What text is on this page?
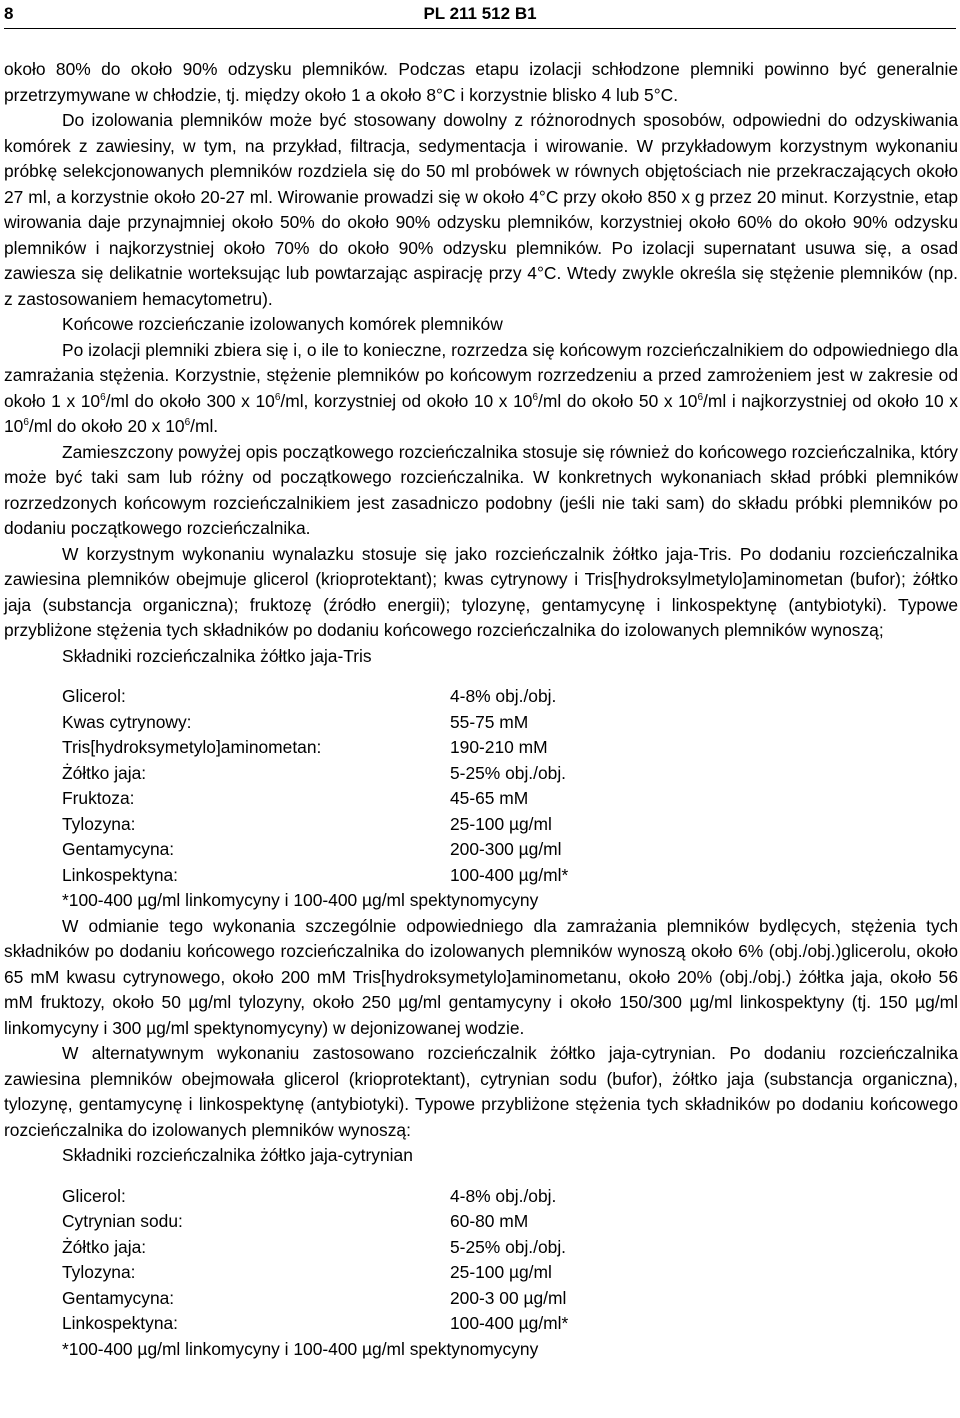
8	PL 211 512 B1

około 80% do około 90% odzysku plemników. Podczas etapu izolacji schłodzone plemniki powinno być generalnie przetrzymywane w chłodzie, tj. między około 1 a około 8°C i korzystnie blisko 4 lub 5°C.

Do izolowania plemników może być stosowany dowolny z różnorodnych sposobów, odpowiedni do odzyskiwania komórek z zawiesiny, w tym, na przykład, filtracja, sedymentacja i wirowanie. W przykładowym korzystnym wykonaniu próbkę selekcjonowanych plemników rozdziela się do 50 ml probówek w równych objętościach nie przekraczających około 27 ml, a korzystnie około 20-27 ml. Wirowanie prowadzi się w około 4°C przy około 850 x g przez 20 minut. Korzystnie, etap wirowania daje przynajmniej około 50% do około 90% odzysku plemników, korzystniej około 60% do około 90% odzysku plemników i najkorzystniej około 70% do około 90% odzysku plemników. Po izolacji supernatant usuwa się, a osad zawiesza się delikatnie worteksując lub powtarzając aspirację przy 4°C. Wtedy zwykle określa się stężenie plemników (np. z zastosowaniem hemacytometru).

Końcowe rozcieńczanie izolowanych komórek plemników

Po izolacji plemniki zbiera się i, o ile to konieczne, rozrzedza się końcowym rozcieńczalnikiem do odpowiedniego dla zamrażania stężenia. Korzystnie, stężenie plemników po końcowym rozrzedzeniu a przed zamrożeniem jest w zakresie od około 1 x $10^6/ml$ do około 300 x $10^6/ml$, korzystniej od około 10 x $10^6/ml$ do około 50 x $10^6/ml$ i najkorzystniej od około 10 x $10^6/ml$ do około 20 x $10^6/ml$.

Zamieszczony powyżej opis początkowego rozcieńczalnika stosuje się również do końcowego rozcieńczalnika, który może być taki sam lub różny od początkowego rozcieńczalnika. W konkretnych wykonaniach skład próbki plemników rozrzedzonych końcowym rozcieńczalnikiem jest zasadniczo podobny (jeśli nie taki sam) do składu próbki plemników po dodaniu początkowego rozcieńczalnika.

W korzystnym wykonaniu wynalazku stosuje się jako rozcieńczalnik żółtko jaja-Tris. Po dodaniu rozcieńczalnika zawiesina plemników obejmuje glicerol (krioprotektant); kwas cytrynowy i Tris[hydroksylmetylo]aminometan (bufor); żółtko jaja (substancja organiczna); fruktozę (źródło energii); tylozynę, gentamycynę i linkospektynę (antybiotyki). Typowe przybliżone stężenia tych składników po dodaniu końcowego rozcieńczalnika do izolowanych plemników wynoszą;

Składniki rozcieńczalnika żółtko jaja-Tris
Glicerol:	4-8% obj./obj.
Kwas cytrynowy:	55-75 mM
Tris[hydroksymetylo]aminometan:	190-210 mM
Żółtko jaja:	5-25% obj./obj.
Fruktoza:	45-65 mM
Tylozyna:	25-100 µg/ml
Gentamycyna:	200-300 µg/ml
Linkospektyna:	100-400 µg/ml*
*100-400 µg/ml linkomycyny i 100-400 µg/ml spektynomycyny

W odmianie tego wykonania szczególnie odpowiedniego dla zamrażania plemników bydlęcych, stężenia tych składników po dodaniu końcowego rozcieńczalnika do izolowanych plemników wynoszą około 6% (obj./obj.)glicerolu, około 65 mM kwasu cytrynowego, około 200 mM Tris[hydroksymetylo]aminometanu, około 20% (obj./obj.) żółtka jaja, około 56 mM fruktozy, około 50 µg/ml tylozyny, około 250 µg/ml gentamycyny i około 150/300 µg/ml linkospektyny (tj. 150 µg/ml linkomycyny i 300 µg/ml spektynomycyny) w dejonizowanej wodzie.

W alternatywnym wykonaniu zastosowano rozcieńczalnik żółtko jaja-cytrynian. Po dodaniu rozcieńczalnika zawiesina plemników obejmowała glicerol (krioprotektant), cytrynian sodu (bufor), żółtko jaja (substancja organiczna), tylozynę, gentamycynę i linkospektynę (antybiotyki). Typowe przybliżone stężenia tych składników po dodaniu końcowego rozcieńczalnika do izolowanych plemników wynoszą:

Składniki rozcieńczalnika żółtko jaja-cytrynian
Glicerol:	4-8% obj./obj.
Cytrynian sodu:	60-80 mM
Żółtko jaja:	5-25% obj./obj.
Tylozyna:	25-100 µg/ml
Gentamycyna:	200-3 00 µg/ml
Linkospektyna:	100-400 µg/ml*
*100-400 µg/ml linkomycyny i 100-400 µg/ml spektynomycyny
